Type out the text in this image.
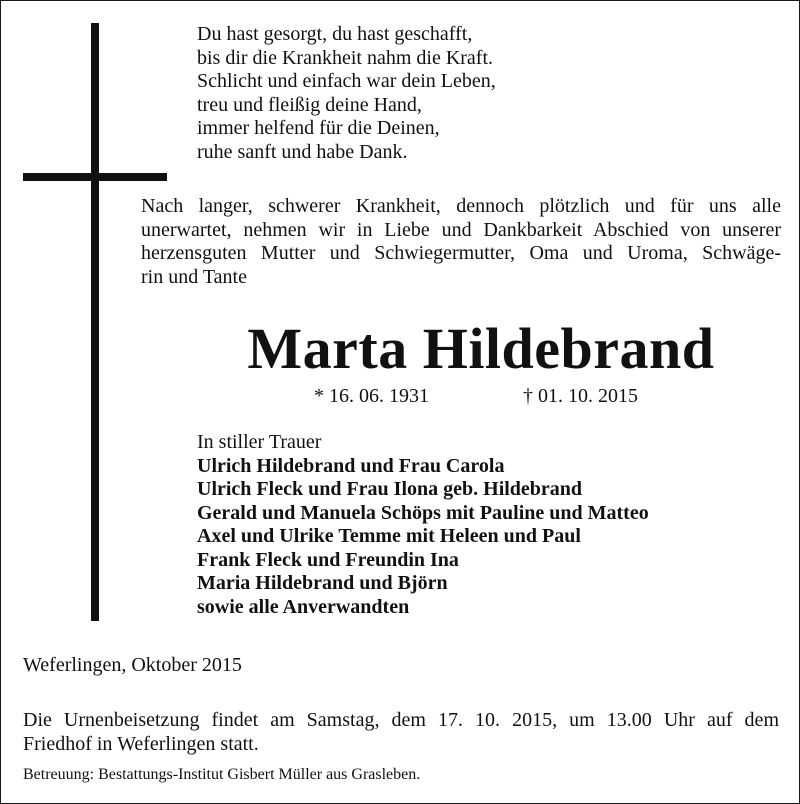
Du hast gesorgt, du hast geschafft,
bis dir die Krankheit nahm die Kraft.
Schlicht und einfach war dein Leben,
treu und fleißig deine Hand,
immer helfend für die Deinen,
ruhe sanft und habe Dank.
Nach langer, schwerer Krankheit, dennoch plötzlich und für uns alle
unerwartet, nehmen wir in Liebe und Dankbarkeit Abschied von unserer
herzensguten Mutter und Schwiegermutter, Oma und Uroma, Schwäge-
rin und Tante
Marta Hildebrand
* 16. 06. 1931	† 01. 10. 2015
In stiller Trauer
Ulrich Hildebrand und Frau Carola
Ulrich Fleck und Frau Ilona geb. Hildebrand
Gerald und Manuela Schöps mit Pauline und Matteo
Axel und Ulrike Temme mit Heleen und Paul
Frank Fleck und Freundin Ina
Maria Hildebrand und Björn
sowie alle Anverwandten
Weferlingen, Oktober 2015
Die Urnenbeisetzung findet am Samstag, dem 17. 10. 2015, um 13.00 Uhr auf dem
Friedhof in Weferlingen statt.
Betreuung: Bestattungs-Institut Gisbert Müller aus Grasleben.
